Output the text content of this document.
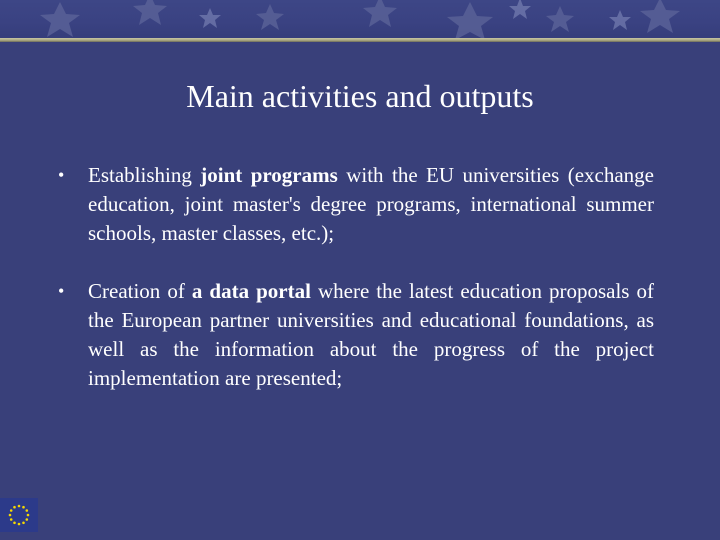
Main activities and outputs
• Establishing joint programs with the EU universities (exchange education, joint master's degree programs, international summer schools, master classes, etc.);
• Creation of a data portal where the latest education proposals of the European partner universities and educational foundations, as well as the information about the progress of the project implementation are presented;
